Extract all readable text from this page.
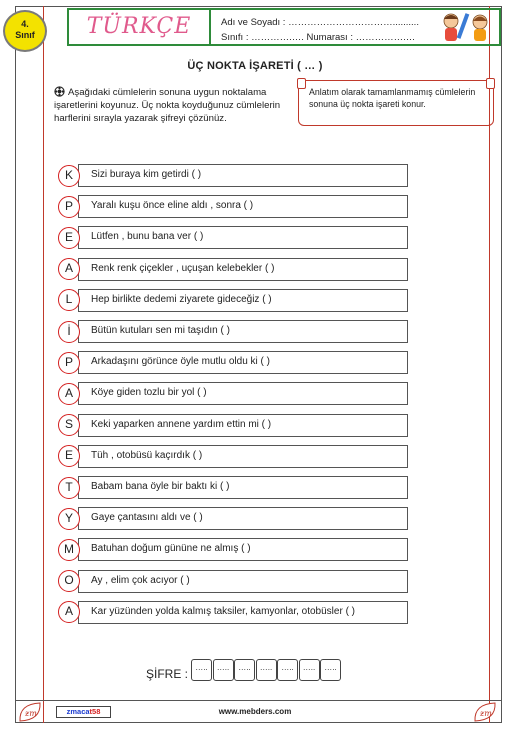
4.
Sınıf	TÜRKÇE	Adı ve Soyadı : ……………………………..........
Sınıfı : ………….…. Numarası : …………….…
ÜÇ NOKTA İŞARETİ ( … )
Aşağıdaki cümlelerin sonuna uygun noktalama işaretlerini koyunuz. Üç nokta koyduğunuz cümlelerin harflerini sırayla yazarak şifreyi çözünüz.
Anlatım olarak tamamlanmamış cümlelerin sonuna üç nokta işareti konur.
Sizi buraya kim getirdi ( )
K
Yaralı kuşu önce eline aldı , sonra ( )
P
Lütfen , bunu bana ver ( )
E
Renk renk çiçekler , uçuşan kelebekler ( )
A
Hep birlikte dedemi ziyarete gideceğiz ( )
L
Bütün kutuları sen mi taşıdın ( )
İ
Arkadaşını görünce öyle mutlu oldu ki ( )
P
Köye giden tozlu bir yol ( )
A
Keki yaparken annene yardım ettin mi ( )
S
Tüh , otobüsü kaçırdık ( )
E
Babam bana öyle bir baktı ki ( )
T
Gaye çantasını aldı ve ( )
Y
Batuhan doğum gününe ne almış ( )
M
Ay , elim çok acıyor ( )
O
Kar yüzünden yolda kalmış taksiler, kamyonlar, otobüsler ( )
A
ŞİFRE : …..	…..	…..	…..	…..	…..	…..
ƶm	zmacat58	www.mebders.com	ƶm
